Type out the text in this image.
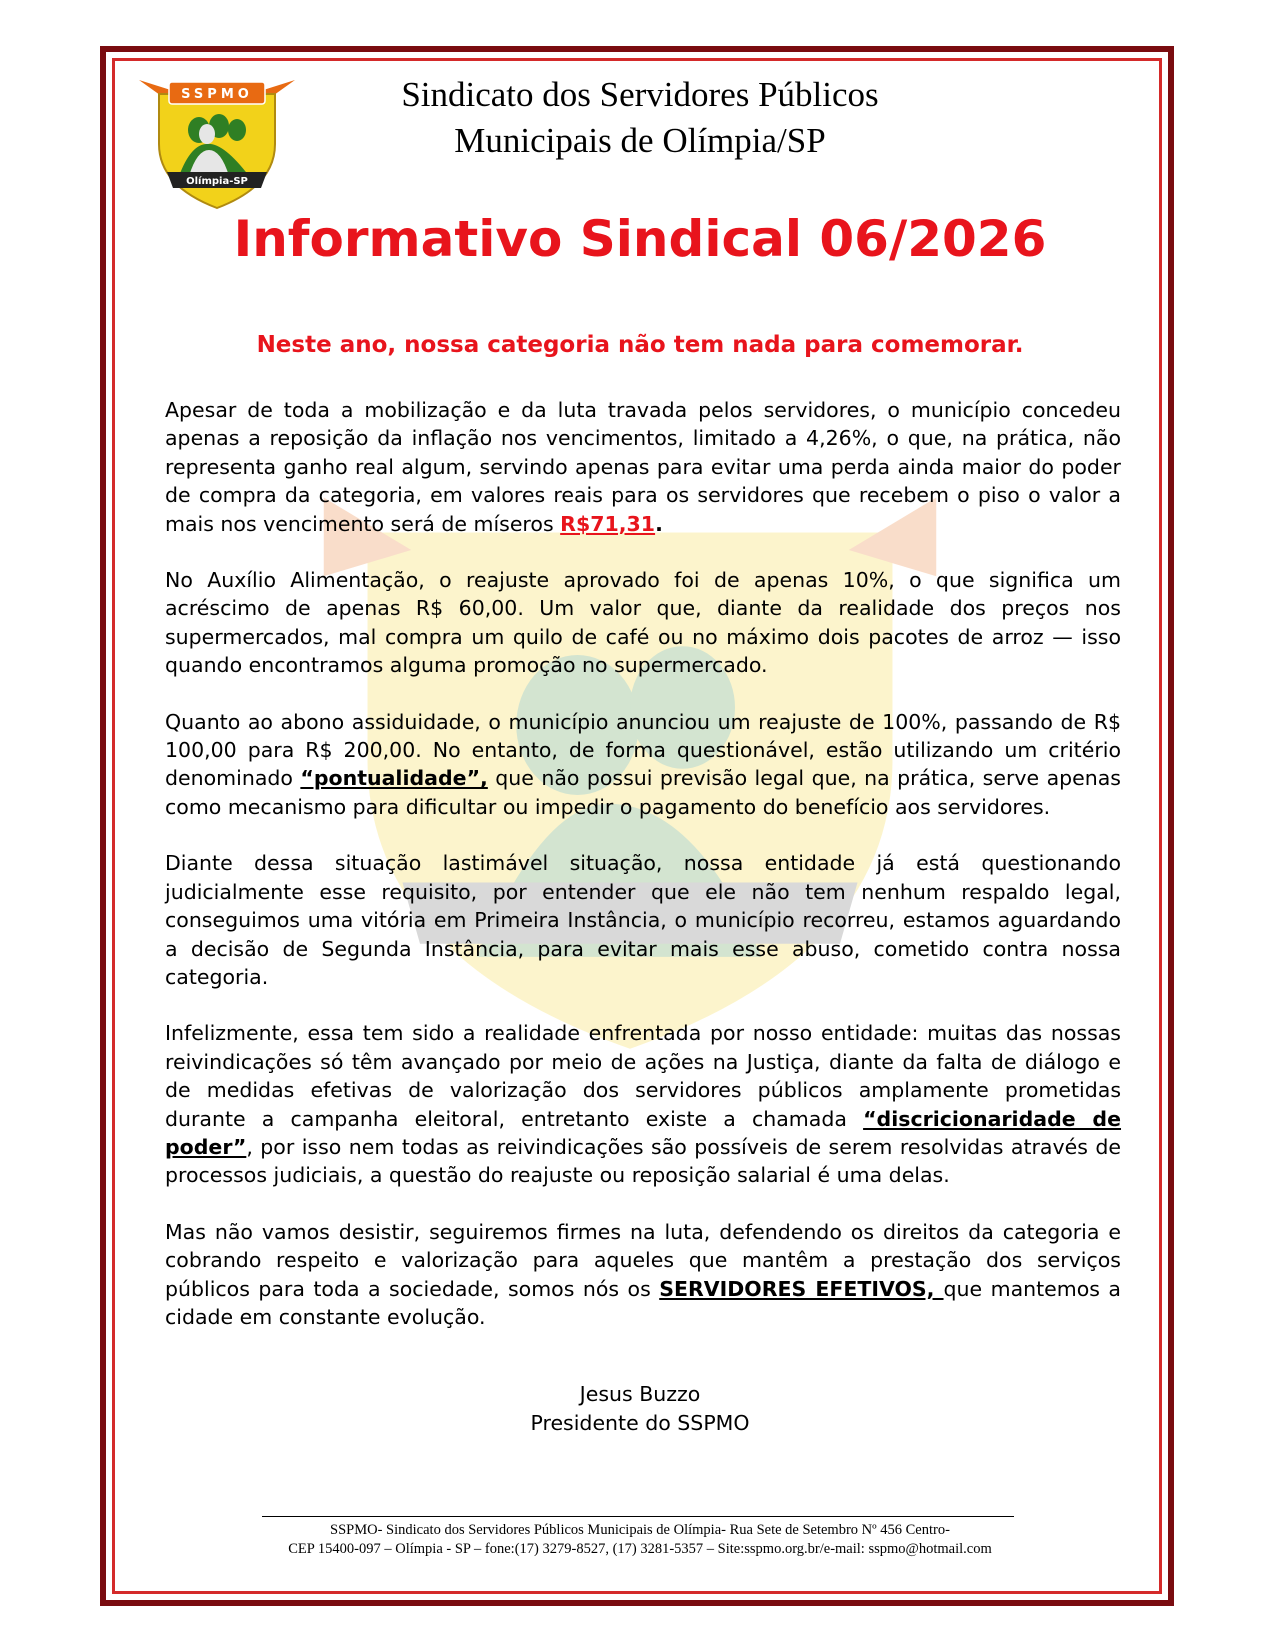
SSPMO
Olímpia-SP
Sindicato dos Servidores Públicos
Municipais de Olímpia/SP
Informativo Sindical 06/2026
Neste ano, nossa categoria não tem nada para comemorar.

Apesar de toda a mobilização e da luta travada pelos servidores, o município concedeu apenas a reposição da inflação nos vencimentos, limitado a 4,26%, o que, na prática, não representa ganho real algum, servindo apenas para evitar uma perda ainda maior do poder de compra da categoria, em valores reais para os servidores que recebem o piso o valor a mais nos vencimento será de míseros R$71,31.

No Auxílio Alimentação, o reajuste aprovado foi de apenas 10%, o que significa um acréscimo de apenas R$ 60,00. Um valor que, diante da realidade dos preços nos supermercados, mal compra um quilo de café ou no máximo dois pacotes de arroz — isso quando encontramos alguma promoção no supermercado.

Quanto ao abono assiduidade, o município anunciou um reajuste de 100%, passando de R$ 100,00 para R$ 200,00. No entanto, de forma questionável, estão utilizando um critério denominado “pontualidade”, que não possui previsão legal que, na prática, serve apenas como mecanismo para dificultar ou impedir o pagamento do benefício aos servidores.

Diante dessa situação lastimável situação, nossa entidade já está questionando judicialmente esse requisito, por entender que ele não tem nenhum respaldo legal, conseguimos uma vitória em Primeira Instância, o município recorreu, estamos aguardando a decisão de Segunda Instância, para evitar mais esse abuso, cometido contra nossa categoria.

Infelizmente, essa tem sido a realidade enfrentada por nosso entidade: muitas das nossas reivindicações só têm avançado por meio de ações na Justiça, diante da falta de diálogo e de medidas efetivas de valorização dos servidores públicos amplamente prometidas durante a campanha eleitoral, entretanto existe a chamada “discricionaridade de poder”, por isso nem todas as reivindicações são possíveis de serem resolvidas através de processos judiciais, a questão do reajuste ou reposição salarial é uma delas.

Mas não vamos desistir, seguiremos firmes na luta, defendendo os direitos da categoria e cobrando respeito e valorização para aqueles que mantêm a prestação dos serviços públicos para toda a sociedade, somos nós os SERVIDORES EFETIVOS, que mantemos a cidade em constante evolução.

Jesus Buzzo
Presidente do SSPMO
SSPMO- Sindicato dos Servidores Públicos Municipais de Olímpia- Rua Sete de Setembro Nº 456 Centro-
CEP 15400-097 – Olímpia - SP – fone:(17) 3279-8527, (17) 3281-5357 – Site:sspmo.org.br/e-mail: sspmo@hotmail.com
